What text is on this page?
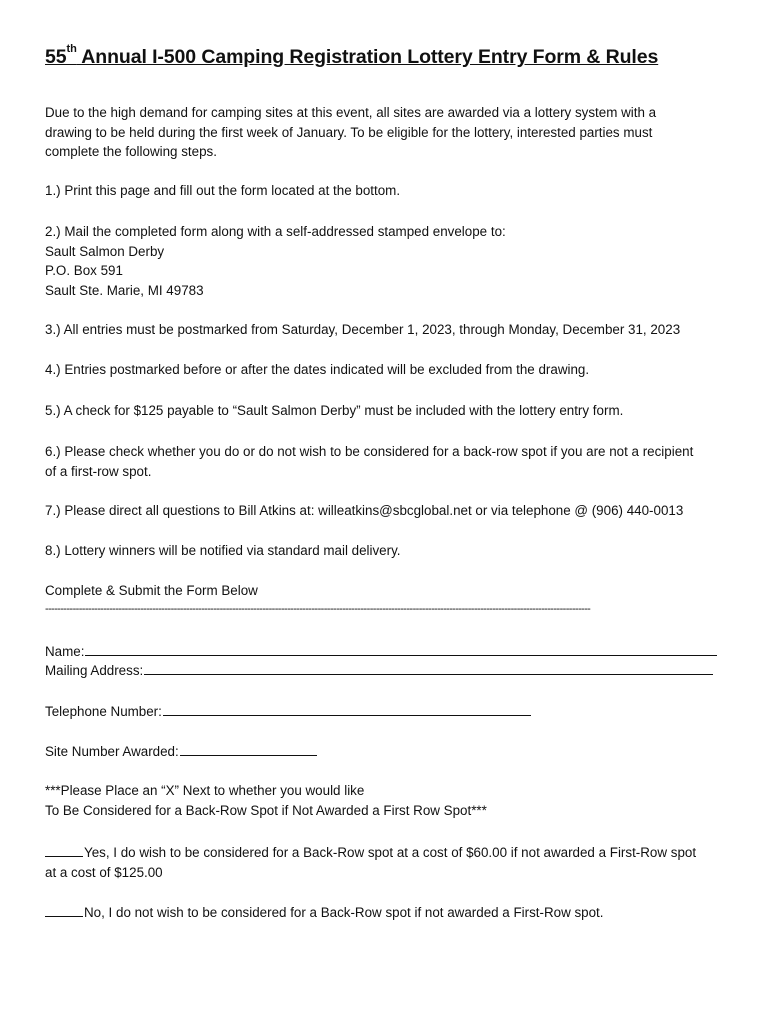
55th Annual I-500 Camping Registration Lottery Entry Form & Rules
Due to the high demand for camping sites at this event, all sites are awarded via a lottery system with a
drawing to be held during the first week of January. To be eligible for the lottery, interested parties must
complete the following steps.
1.) Print this page and fill out the form located at the bottom.
2.) Mail the completed form along with a self-addressed stamped envelope to:
Sault Salmon Derby
P.O. Box 591
Sault Ste. Marie, MI 49783
3.) All entries must be postmarked from Saturday, December 1, 2023, through Monday, December 31, 2023
4.) Entries postmarked before or after the dates indicated will be excluded from the drawing.
5.) A check for $125 payable to “Sault Salmon Derby” must be included with the lottery entry form.
6.) Please check whether you do or do not wish to be considered for a back-row spot if you are not a recipient
of a first-row spot.
7.) Please direct all questions to Bill Atkins at: willeatkins@sbcglobal.net or via telephone @ (906) 440-0013
8.) Lottery winners will be notified via standard mail delivery.
Complete & Submit the Form Below
----------------------------------------------------------------------------------------------------------------------------------------------------------------------------------
Name:
Mailing Address:
Telephone Number:
Site Number Awarded:
***Please Place an “X” Next to whether you would like
To Be Considered for a Back-Row Spot if Not Awarded a First Row Spot***
Yes, I do wish to be considered for a Back-Row spot at a cost of $60.00 if not awarded a First-Row spot
at a cost of $125.00
No, I do not wish to be considered for a Back-Row spot if not awarded a First-Row spot.
